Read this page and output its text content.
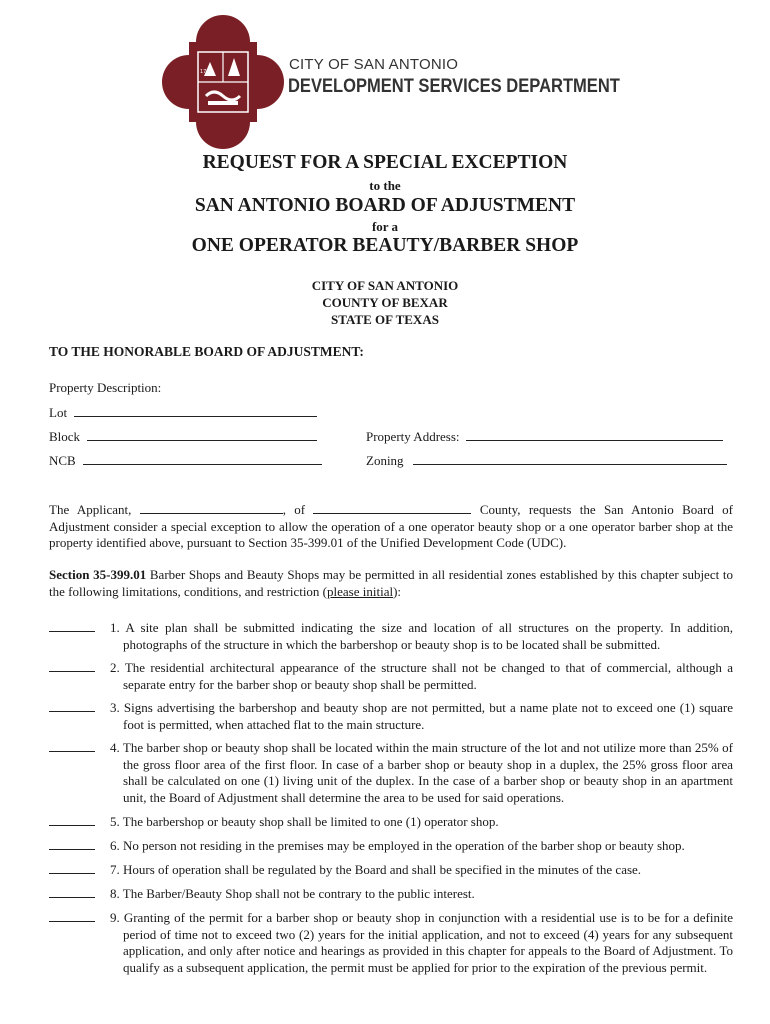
1718	CITY OF SAN ANTONIO
DEVELOPMENT SERVICES DEPARTMENT
REQUEST FOR A SPECIAL EXCEPTION
to the
SAN ANTONIO BOARD OF ADJUSTMENT
for a
ONE OPERATOR BEAUTY/BARBER SHOP
CITY OF SAN ANTONIO
COUNTY OF BEXAR
STATE OF TEXAS
TO THE HONORABLE BOARD OF ADJUSTMENT:
Property Description:
Lot
Block	Property Address:
NCB	Zoning
The Applicant,	, of	County, requests the San Antonio Board of Adjustment consider a special exception to allow the operation of a one operator beauty shop or a one operator barber shop at the property identified above, pursuant to Section 35-399.01 of the Unified Development Code (UDC).
Section 35-399.01 Barber Shops and Beauty Shops may be permitted in all residential zones established by this chapter subject to the following limitations, conditions, and restriction (please initial):
1. A site plan shall be submitted indicating the size and location of all structures on the property. In addition, photographs of the structure in which the barbershop or beauty shop is to be located shall be submitted.
2. The residential architectural appearance of the structure shall not be changed to that of commercial, although a separate entry for the barber shop or beauty shop shall be permitted.
3. Signs advertising the barbershop and beauty shop are not permitted, but a name plate not to exceed one (1) square foot is permitted, when attached flat to the main structure.
4. The barber shop or beauty shop shall be located within the main structure of the lot and not utilize more than 25% of the gross floor area of the first floor. In case of a barber shop or beauty shop in a duplex, the 25% gross floor area shall be calculated on one (1) living unit of the duplex. In the case of a barber shop or beauty shop in an apartment unit, the Board of Adjustment shall determine the area to be used for said operations.
5. The barbershop or beauty shop shall be limited to one (1) operator shop.
6. No person not residing in the premises may be employed in the operation of the barber shop or beauty shop.
7. Hours of operation shall be regulated by the Board and shall be specified in the minutes of the case.
8. The Barber/Beauty Shop shall not be contrary to the public interest.
9. Granting of the permit for a barber shop or beauty shop in conjunction with a residential use is to be for a definite period of time not to exceed two (2) years for the initial application, and not to exceed (4) years for any subsequent application, and only after notice and hearings as provided in this chapter for appeals to the Board of Adjustment. To qualify as a subsequent application, the permit must be applied for prior to the expiration of the previous permit.
